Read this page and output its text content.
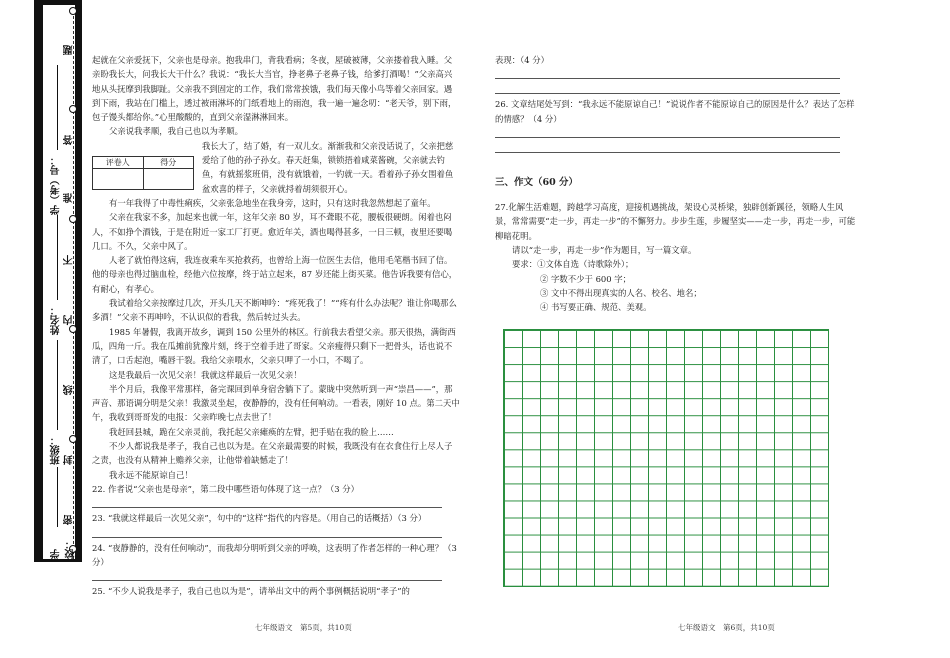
题
答
准
不
内
线
封
密
学校：
班级：
姓名：
学（考）号：	评卷人	得分

起就在父亲爱抚下，父亲也是母亲。抱我串门，背我看病；冬夜，屋破被薄，父亲搂着我入睡。父亲盼我长大，问我长大干什么？我说：“我长大当官，挣老鼻子老鼻子钱，给爹打酒喝！”父亲高兴地从头抚摩到我脚趾。父亲我不到固定的工作，我们常常挨饿，我们每天像小鸟等着父亲回家。遇到下雨，我站在门槛上，透过被雨淋坏的门纸看地上的雨泡，我一遍一遍念叨：“老天爷，别下雨，包子馒头都给你。”心里酸酸的，直到父亲湿淋淋回来。

父亲说我孝顺，我自己也以为孝顺。

我长大了，结了婚，有一双儿女。渐渐我和父亲没话说了，父亲把慈爱给了他的孙子孙女。春天赶集，锁锁捂着咸菜酱碗，父亲就去钓鱼，有就摇浆班俏，没有就饿着，一钓就一天。看着孙子孙女围着鱼盆欢喜的样子，父亲就捋着胡须很开心。

有一年我得了中毒性痢疾，父亲张急地坐在我身旁，这时，只有这时我忽然想起了童年。

父亲在我家不多，加起来也就一年，这年父亲 80 岁，耳不聋眼不花，腰板很硬朗。闲着也闷人，不如挣个酒钱，于是在附近一家工厂打更。愈近年关，酒也喝得甚多，一日三顿，夜里还要喝几口。不久，父亲中风了。

人老了就怕得这病，我连夜乘车买抢救药，也曾给上海一位医生去信，他用毛笔楷书回了信。他的母亲也得过脑血栓，经他六位按摩，终于站立起来，87 岁还能上街买菜。他告诉我要有信心，有耐心，有孝心。

我试着给父亲按摩过几次，开头几天不断呻吟：“疼死我了！”“疼有什么办法呢？谁让你喝那么多酒！”父亲不再呻吟，不认识似的看我，然后转过头去。

1985 年暑假，我离开故乡，调到 150 公里外的林区。行前我去看望父亲。那天很热，满街西瓜，四角一斤。我在瓜摊前犹豫片刻，终于空着手进了哥家。父亲瘦得只剩下一把骨头，话也说不清了，口舌起泡，嘴唇干裂。我给父亲喂水，父亲只呷了一小口，不喝了。

这是我最后一次见父亲！我就这样最后一次见父亲！

半个月后，我像平常那样，备完课回到单身宿舍躺下了。蒙眬中突然听到一声“崇昌——”，那声音、那语调分明是父亲！我激灵坐起，夜静静的，没有任何响动。一看表，刚好 10 点。第二天中午，我收到哥哥发的电报：父亲昨晚七点去世了！

我赶回县城，跪在父亲灵前，我托起父亲瘫痪的左臂，把手贴在我的脸上……

不少人都说我是孝子，我自己也以为是。在父亲最需要的时候，我既没有在衣食住行上尽人子之责，也没有从精神上赡养父亲，让他带着缺憾走了！

我永远不能原谅自己！

22. 作者说“父亲也是母亲”，第二段中哪些语句体现了这一点？（3 分）

23. “我就这样最后一次见父亲”，句中的“这样”指代的内容是。（用自己的话概括）（3 分）

24. “夜静静的，没有任何响动”，而我却分明听到父亲的呼唤，这表明了作者怎样的一种心理？（3 分）

25. “不少人说我是孝子，我自己也以为是”，请举出文中的两个事例概括说明“孝子”的

表现：（4 分）

26. 文章结尾处写到：“我永远不能原谅自己！”说说作者不能原谅自己的原因是什么？表达了怎样的情感？（4 分）

三、作文（60 分）

27.化解生活难题，跨越学习高度，迎接机遇挑战，架设心灵桥梁，独辟创新蹊径，领略人生风景，常常需要“走一步，再走一步”的不懈努力。步步生莲，步履坚实——走一步，再走一步，可能柳暗花明。

请以“走一步，再走一步”作为题目，写一篇文章。

要求：①文体自选（诗歌除外）；

② 字数不少于 600 字；

③ 文中不得出现真实的人名、校名、地名；

④ 书写要正确、规范、美观。

七年级语文　第5页，共10页	七年级语文　第6页，共10页
